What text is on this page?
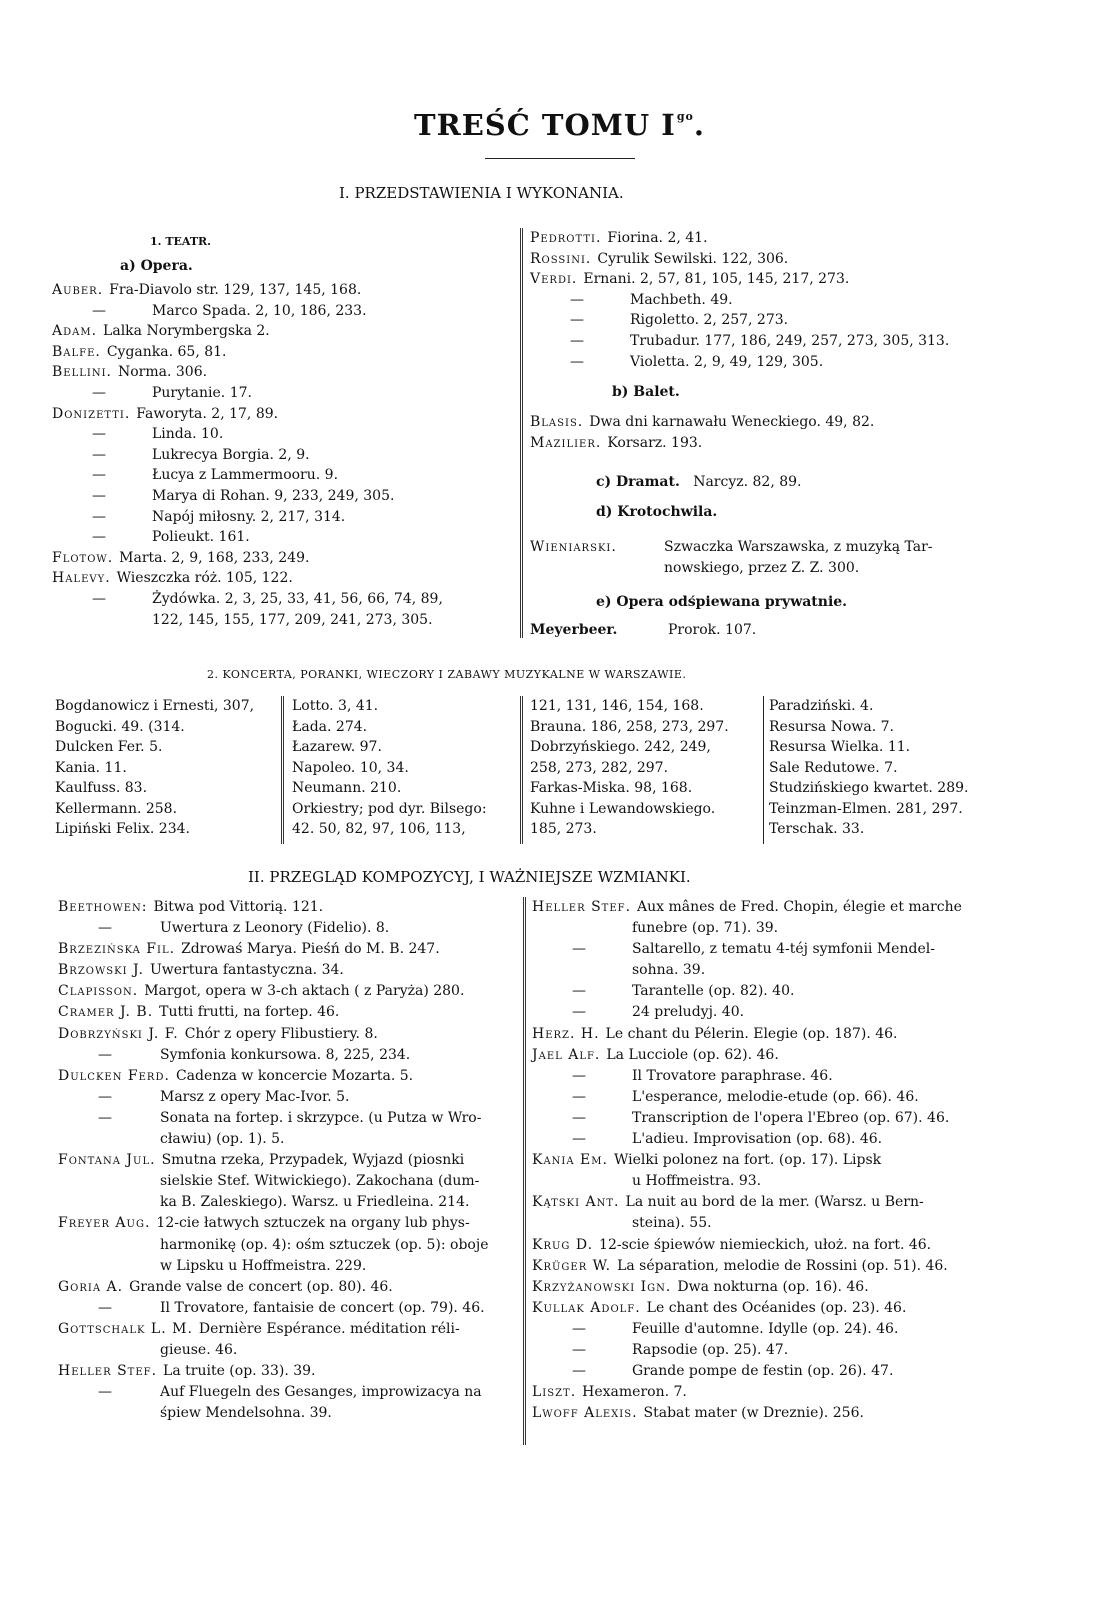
TREŚĆ TOMU $I^{go}$.
I. PRZEDSTAWIENIA I WYKONANIA.
1. TEATR.
a) Opera.
Auber. Fra-Diavolo str. 129, 137, 145, 168.
—	Marco Spada. 2, 10, 186, 233.
Adam. Lalka Norymbergska 2.
Balfe. Cyganka. 65, 81.
Bellini. Norma. 306.
—	Purytanie. 17.
Donizetti. Faworyta. 2, 17, 89.
—	Linda. 10.
—	Lukrecya Borgia. 2, 9.
—	Łucya z Lammermooru. 9.
—	Marya di Rohan. 9, 233, 249, 305.
—	Napój miłosny. 2, 217, 314.
—	Polieukt. 161.
Flotow. Marta. 2, 9, 168, 233, 249.
Halevy. Wieszczka róż. 105, 122.
—	Żydówka. 2, 3, 25, 33, 41, 56, 66, 74, 89,
122, 145, 155, 177, 209, 241, 273, 305.
Pedrotti. Fiorina. 2, 41.
Rossini. Cyrulik Sewilski. 122, 306.
Verdi. Ernani. 2, 57, 81, 105, 145, 217, 273.
—	Machbeth. 49.
—	Rigoletto. 2, 257, 273.
—	Trubadur. 177, 186, 249, 257, 273, 305, 313.
—	Violetta. 2, 9, 49, 129, 305.
b) Balet.
Blasis. Dwa dni karnawału Weneckiego. 49, 82.
Mazilier. Korsarz. 193.
c) Dramat. Narcyz. 82, 89.
d) Krotochwila.
Wieniarski.	Szwaczka Warszawska, z muzyką Tar-
nowskiego, przez Z. Z. 300.
e) Opera odśpiewana prywatnie.
Meyerbeer.	Prorok. 107.
2. KONCERTA, PORANKI, WIECZORY I ZABAWY MUZYKALNE W WARSZAWIE.
Bogdanowicz i Ernesti, 307,
Bogucki. 49. (314.
Dulcken Fer. 5.
Kania. 11.
Kaulfuss. 83.
Kellermann. 258.
Lipiński Felix. 234.
Lotto. 3, 41.
Łada. 274.
Łazarew. 97.
Napoleo. 10, 34.
Neumann. 210.
Orkiestry; pod dyr. Bilsego:
42. 50, 82, 97, 106, 113,
121, 131, 146, 154, 168.
Brauna. 186, 258, 273, 297.
Dobrzyńskiego. 242, 249,
258, 273, 282, 297.
Farkas-Miska. 98, 168.
Kuhne i Lewandowskiego.
185, 273.
Paradziński. 4.
Resursa Nowa. 7.
Resursa Wielka. 11.
Sale Redutowe. 7.
Studzińskiego kwartet. 289.
Teinzman-Elmen. 281, 297.
Terschak. 33.
II. PRZEGLĄD KOMPOZYCYJ, I WAŻNIEJSZE WZMIANKI.
Beethowen: Bitwa pod Vittorią. 121.
—	Uwertura z Leonory (Fidelio). 8.
Brzezińska Fil. Zdrowaś Marya. Pieśń do M. B. 247.
Brzowski J. Uwertura fantastyczna. 34.
Clapisson. Margot, opera w 3-ch aktach ( z Paryża) 280.
Cramer J. B. Tutti frutti, na fortep. 46.
Dobrzyński J. F. Chór z opery Flibustiery. 8.
—	Symfonia konkursowa. 8, 225, 234.
Dulcken Ferd. Cadenza w koncercie Mozarta. 5.
—	Marsz z opery Mac-Ivor. 5.
—	Sonata na fortep. i skrzypce. (u Putza w Wro-
cławiu) (op. 1). 5.
Fontana Jul. Smutna rzeka, Przypadek, Wyjazd (piosnki
sielskie Stef. Witwickiego). Zakochana (dum-
ka B. Zaleskiego). Warsz. u Friedleina. 214.
Freyer Aug. 12-cie łatwych sztuczek na organy lub phys-
harmonikę (op. 4): ośm sztuczek (op. 5): oboje
w Lipsku u Hoffmeistra. 229.
Goria A. Grande valse de concert (op. 80). 46.
—	Il Trovatore, fantaisie de concert (op. 79). 46.
Gottschalk L. M. Dernière Espérance. méditation réli-
gieuse. 46.
Heller Stef. La truite (op. 33). 39.
—	Auf Fluegeln des Gesanges, improwizacya na
śpiew Mendelsohna. 39.
Heller Stef. Aux mânes de Fred. Chopin, élegie et marche
funebre (op. 71). 39.
—	Saltarello, z tematu 4-téj symfonii Mendel-
sohna. 39.
—	Tarantelle (op. 82). 40.
—	24 preludyj. 40.
Herz. H. Le chant du Pélerin. Elegie (op. 187). 46.
Jael Alf. La Lucciole (op. 62). 46.
—	Il Trovatore paraphrase. 46.
—	L'esperance, melodie-etude (op. 66). 46.
—	Transcription de l'opera l'Ebreo (op. 67). 46.
—	L'adieu. Improvisation (op. 68). 46.
Kania Em. Wielki polonez na fort. (op. 17). Lipsk
u Hoffmeistra. 93.
Kątski Ant. La nuit au bord de la mer. (Warsz. u Bern-
steina). 55.
Krug D. 12-scie śpiewów niemieckich, ułoż. na fort. 46.
Krüger W. La séparation, melodie de Rossini (op. 51). 46.
Krzyżanowski Ign. Dwa nokturna (op. 16). 46.
Kullak Adolf. Le chant des Océanides (op. 23). 46.
—	Feuille d'automne. Idylle (op. 24). 46.
—	Rapsodie (op. 25). 47.
—	Grande pompe de festin (op. 26). 47.
Liszt. Hexameron. 7.
Lwoff Alexis. Stabat mater (w Dreznie). 256.
